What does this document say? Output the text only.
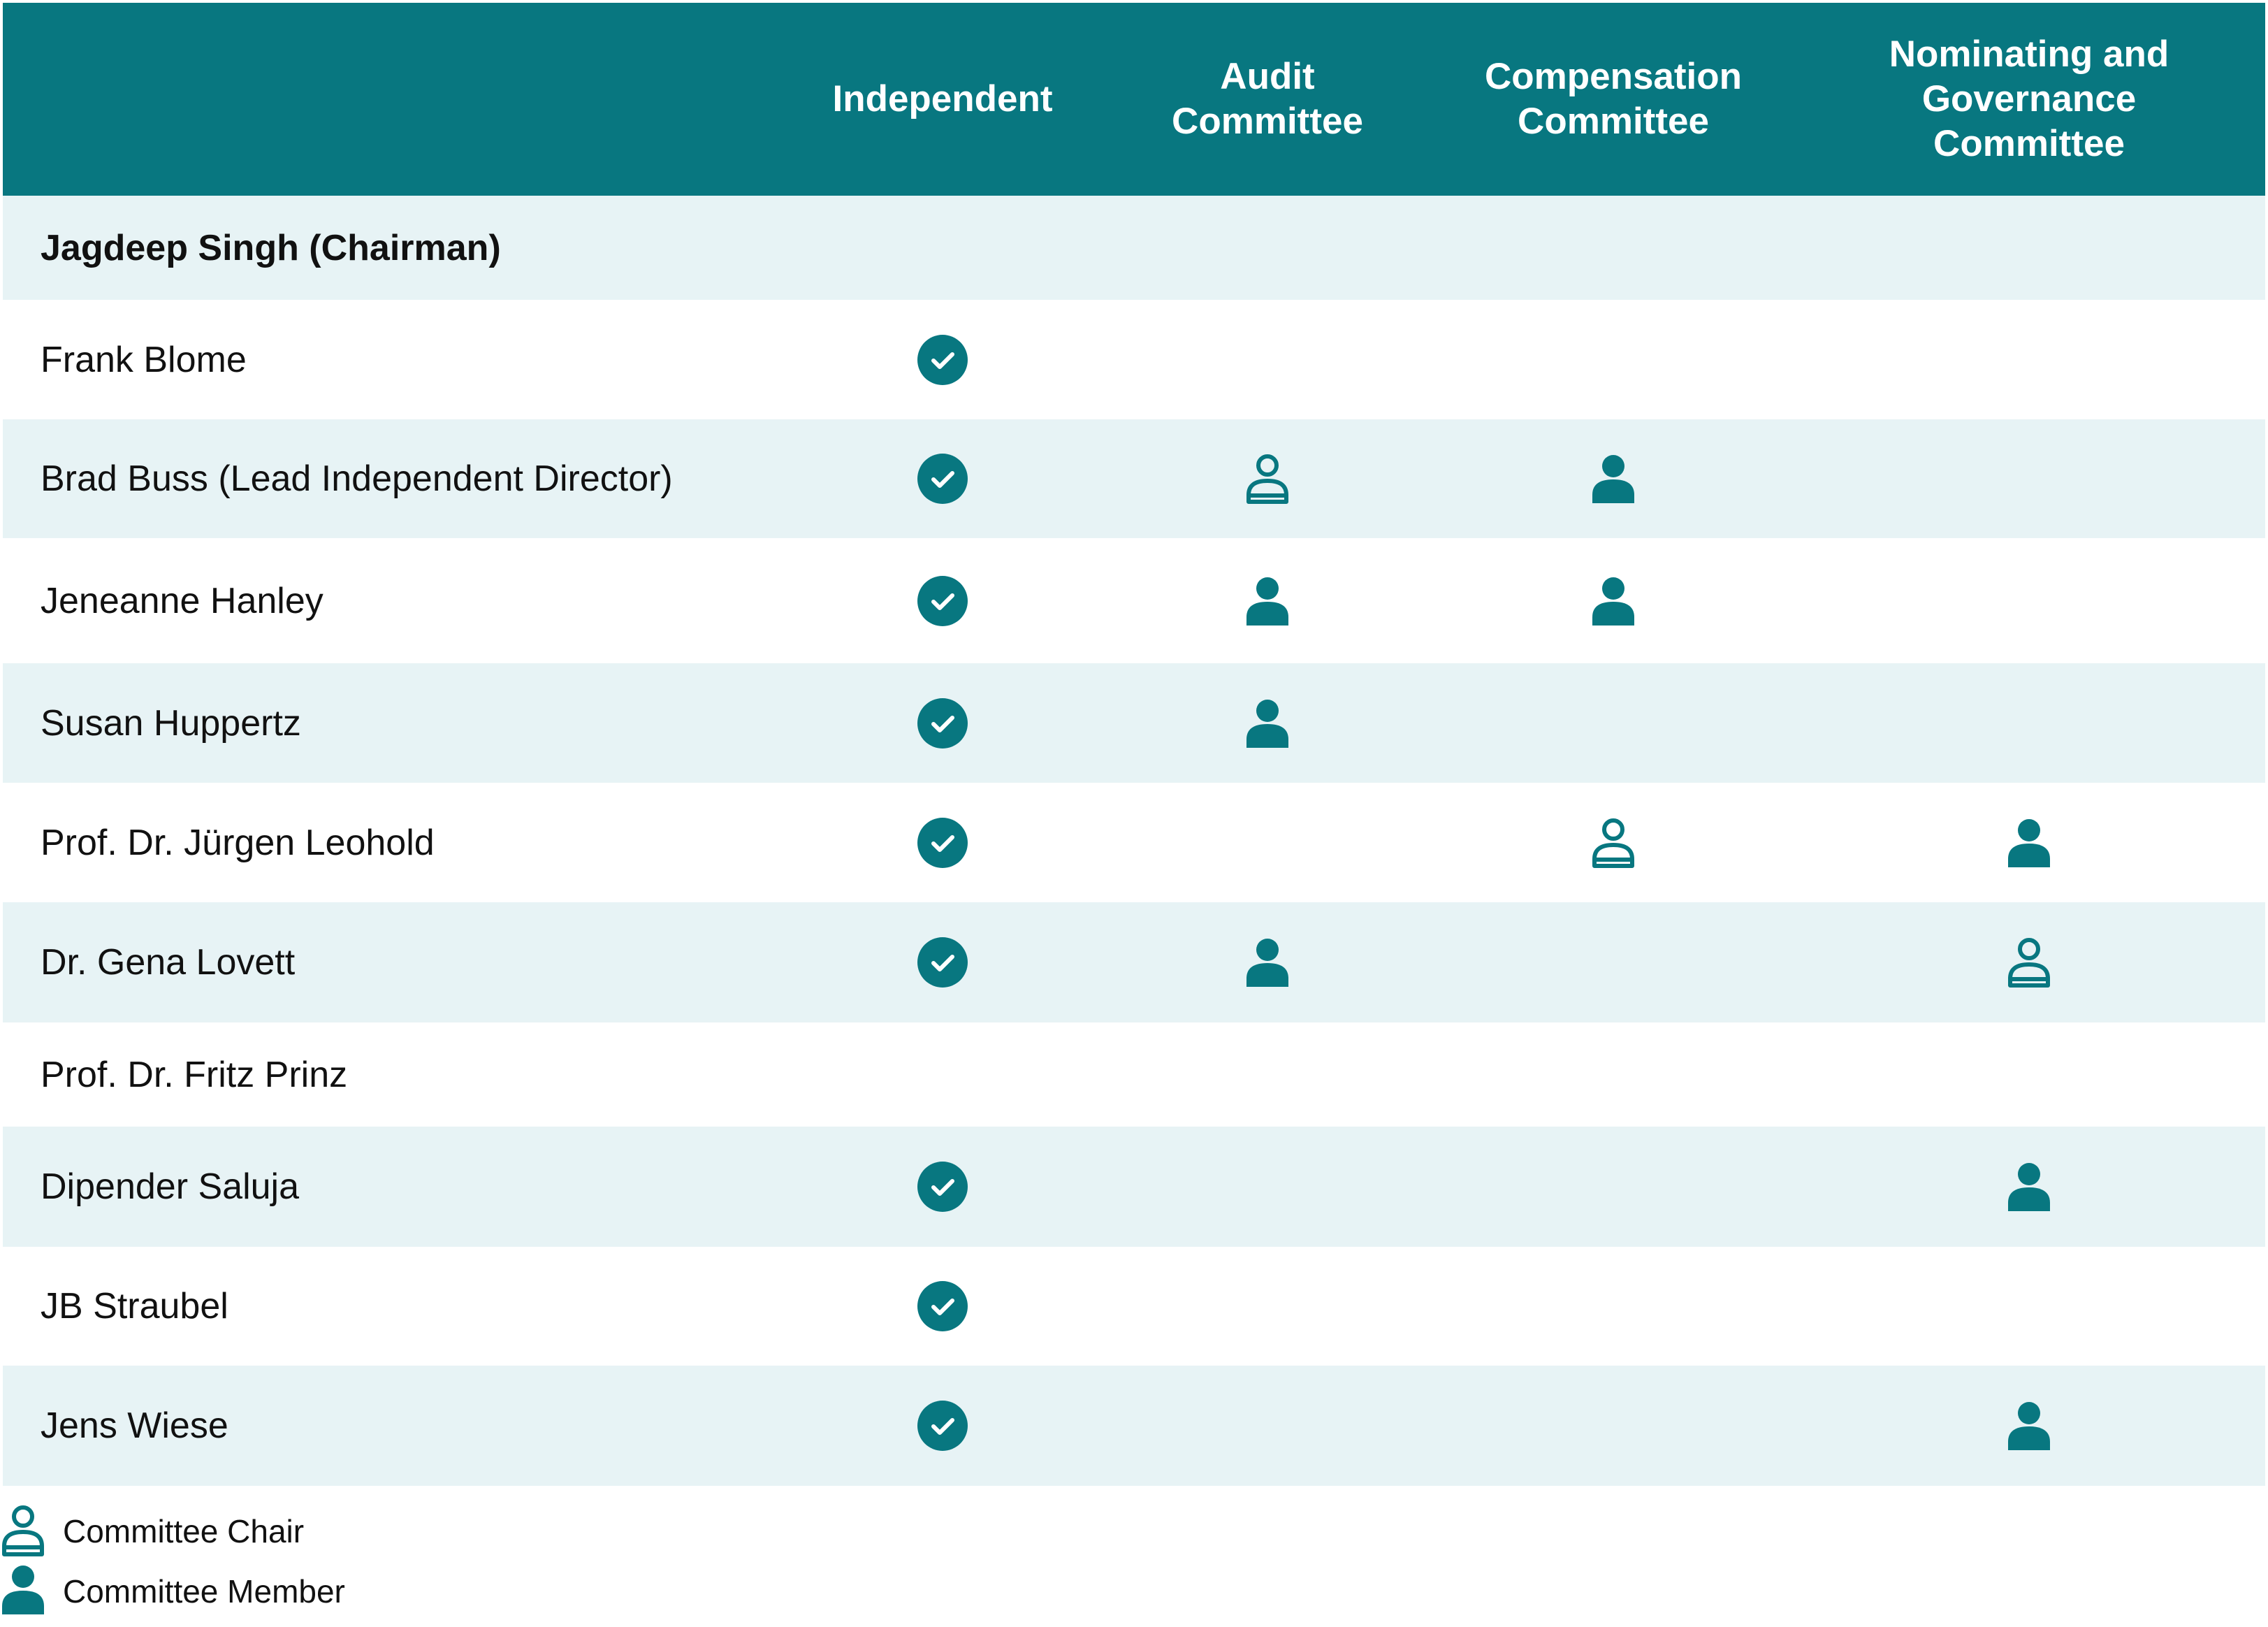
Independent
Audit Committee
Compensation Committee
Nominating and Governance Committee
Jagdeep Singh (Chairman)
Frank Blome
Brad Buss (Lead Independent Director)
Jeneanne Hanley
Susan Huppertz
Prof. Dr. Jürgen Leohold
Dr. Gena Lovett
Prof. Dr. Fritz Prinz
Dipender Saluja
JB Straubel
Jens Wiese
Committee Chair
Committee Member
